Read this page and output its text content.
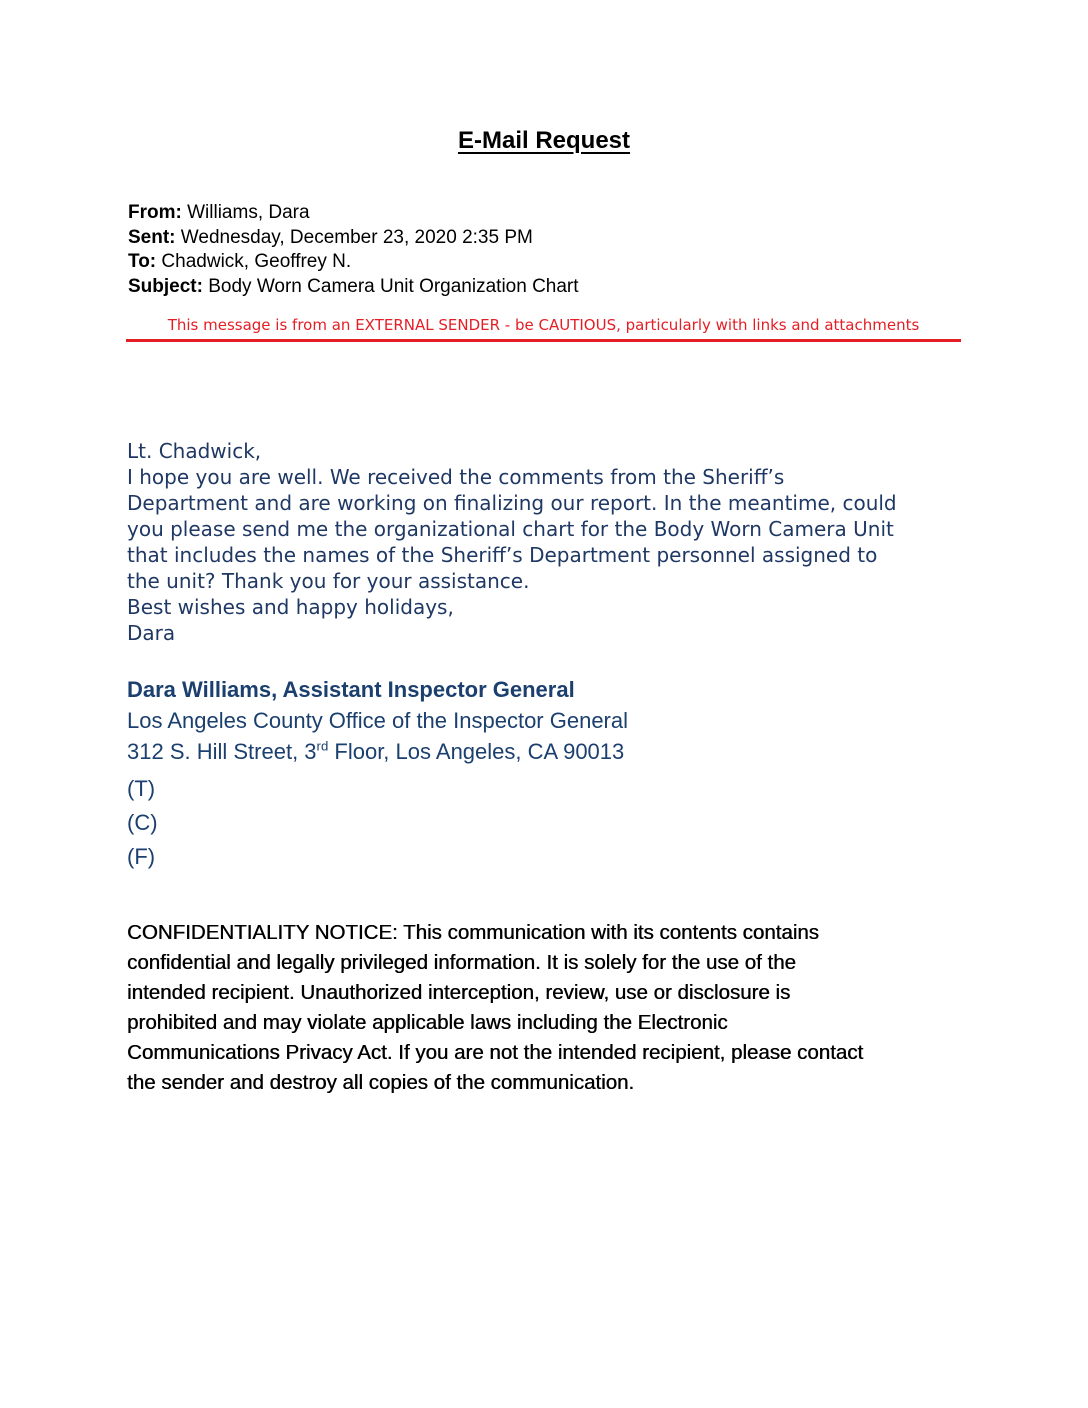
E-Mail Request
From: Williams, Dara
Sent: Wednesday, December 23, 2020 2:35 PM
To: Chadwick, Geoffrey N.
Subject: Body Worn Camera Unit Organization Chart
This message is from an EXTERNAL SENDER - be CAUTIOUS, particularly with links and attachments
Lt. Chadwick,
I hope you are well. We received the comments from the Sheriff’s
Department and are working on finalizing our report. In the meantime, could
you please send me the organizational chart for the Body Worn Camera Unit
that includes the names of the Sheriff’s Department personnel assigned to
the unit? Thank you for your assistance.
Best wishes and happy holidays,
Dara
Dara Williams, Assistant Inspector General
Los Angeles County Office of the Inspector General
312 S. Hill Street, 3rd Floor, Los Angeles, CA 90013
(T)
(C)
(F)
CONFIDENTIALITY NOTICE: This communication with its contents contains
confidential and legally privileged information. It is solely for the use of the
intended recipient. Unauthorized interception, review, use or disclosure is
prohibited and may violate applicable laws including the Electronic
Communications Privacy Act. If you are not the intended recipient, please contact
the sender and destroy all copies of the communication.
